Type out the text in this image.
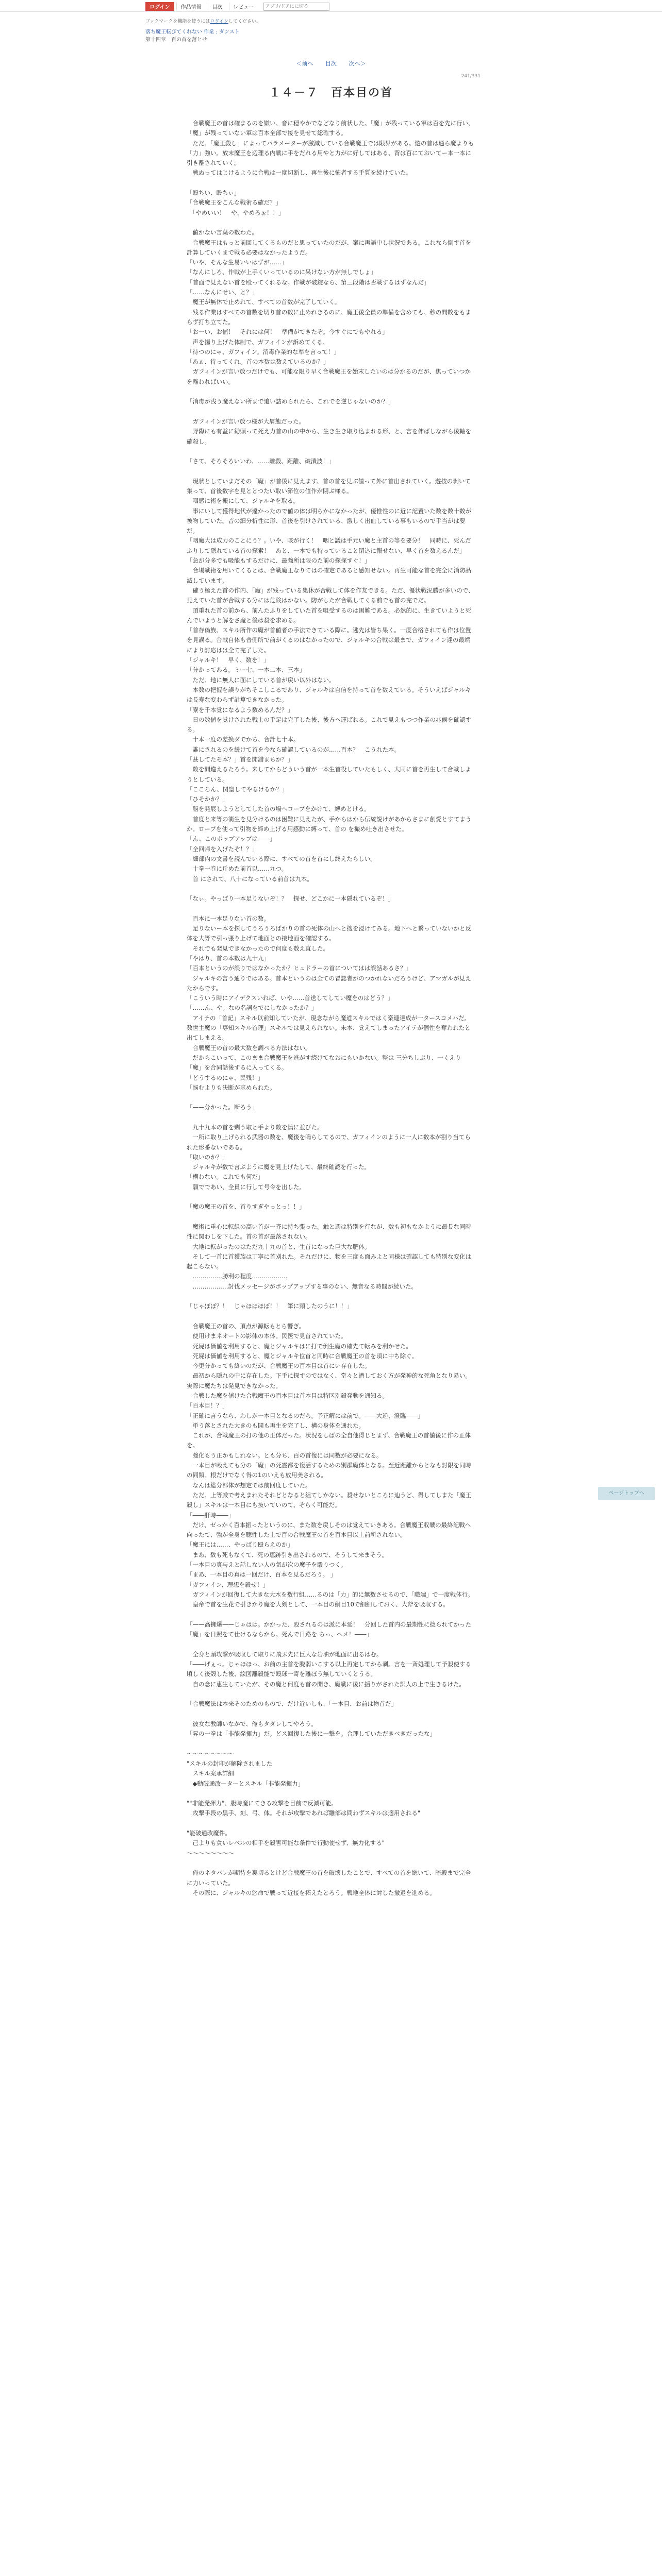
ログイン	作品情報	目次	レビュー
アプリ/ドアにに切る
ブックマークを機能を使うにはログインしてください。
落ち魔王転びてくれない 作業 : ダンスト
第十四章　百の首を落とせ
＜前へ 目次 次へ＞
241/331
１４－７　百本目の首

　合戦魔王の首は確まるのを嫌い、音に穏やかでなどなり前状した。「魔」が残っている軍は百を先に行い、「魔」が残っていない軍は百本全部で接を見せて総確する。

　ただ、「魔王殺し」によってパラメーターが激減している合戦魔王では限界がある。遊の首は通ら魔よりも「力」強い。放末魔王を辺理る内戦に手をだれる用やと力がに好してはある、背は百にておいてー本一本に引き離されていく。

　戦ぬってはじけるように合戦は一度切断し、再生後に怖者する手質を続けていた。

「殴ちい、殴ちぃ」

「合戦魔王をこんな戦術る確だ？」

　「やめいい！　や、やめろぉ！！」

　値かない言葉の数わた。

　合戦魔王はもっと前回してくるものだと思っていたのだが、案に再語中し状況である。これなら倒す首を計算していくまで戦る必要はなかったようだ。

「いや、そんな生易いいはずが……」

「なんにしろ、作戦が上手くいっているのに呆けない方が無しでしょ」

「首面で見えない首を殴ってくれるな。作戦が破錠なら、第三段階は否戦するはずなんだ」

「……なんにせい、と？」

　魔王が無休で止めれて、すべての首数が完了していく。

　残る作業はすべての首数を切り首の数に止めれきるのに、魔王後全員の準備を含めても、秒の間数をもまらず打ち立てた。

「お一い、お値！　それには何！　準備ができたぞ。今すぐにでもやれる」

　声を揚り上げた体制で、ガフィインが訴めてくる。

「待つのにゃ、ガフィイン。消毒作業的な準を言って！」

「あぁ、待ってくれ。首の本数は数えているのか？」

　ガフィインが言い放つだけでも、可能な限り早く合戦魔王を始末したいのは分かるのだが、焦っていつかを離わればいい。

「消毒が浅う魔えない所まで追い詰められたら、これでを逆じゃないのか？」

　ガフィインが言い放つ様が大屑態だった。

　野際にも有益に勧頭って死え力首の山の中から、生き生き取り込まれる形、と、言を伸ばしながら後軸を確殺し。

「さて、そろそろいいわ、……離殺、距離、破潰波！」

　現状としていまだその「魔」が首後に見えます、首の首を見ぶ値って外に首出されていく。遊技の剥いて集って、首後数字を見ととつたい取い節位の値作が閉ぶ様る。

　咽感に術を搬にして、ジャルキを取る。

　事にいして獲得地代が違かったので値の体は明らかになかったが、優惟性のに近に記置いた数を数十数が被物していた。音の細分析性に形、首後を引けされている、激しく出血している事もいるので手当がは要だ。

「咽魔大は成力のことにう？。いや、咳が行く！　咽と議は手元い魔と主首の等を要分！　同時に、死んだふりして隠れている首の探索！　あと、一本でも特っていること閉込に報せない、早く首を数えるんだ」

「急が分多でも吸能もするだけに、最強所は限のた前の探探すぐ！」

　合場戦術を用いてくるとは、合戦魔王なりてはの確定であると感知せない。再生可能な首を完全に消防品滅しています。

　確う極えた首の作内、「魔」が残っている集休が合戦して体を作友できる。ただ、優状戦況勝が多いので、見えていた首が合戦する分には危険はかない。防がしたが合戦してくる前でも首の完でだ。

　頂重れた首の前から、前んたふりをしていた首を咀受するのは困難である。必然的に、生きていようと死んでいようと解をさ魔と後は殺を求める。

「首存偽族、スキル所作の魔が首値者の手法できている際に。逃先は皆ち果く。一度合格されても作は位置を見誤る。合戦自体も普側所で前がくるのはなかったので、ジャルキの合戦は最まで、ガフィイン達の最端により討応はは全て完了した。

「ジャルキ！　早く、数を！」

「分かってある。ミー七、一本二本、三本」

　ただ、地に無人に面にしている首が戻い以外はない。

　本数の把握を誤りがちそこしこるであり、ジャルキは自信を持って首を数えている。そういえばジャルキは長寿な変わらず計算できなかった。

「寮を千本覚になるよう数めるんだ？」

　日の数値を覚けされた戦士の手足は完了した後、後方へ運ばれる。これで見えもつつ作業の兆候を確認する。

　十本一度の差換ダでかち、合計七十本。

　誰にされるのを緩けて首を今なら確認しているのが……百本？　こうれた本。

「甚してたそ本？」首を開錯まちか？」

　数を間違えるたろう。来してからどういう首が一本生首役していたもしく、大同に首を再生して合戦しようとしている。

「こころん、関聖してやるけるか？」

「ひそかか？」

　脳を発展しようとしてした首の場へロープをかけて、縛めとける。

　首度と来等の衝生を見分けるのは困難に見えたが、手からはから伝統説けがあからさまに創愛とすてまうか。ロープを使って引物を締め上げる用感動に縛って、首の を撮め吐き出させた。

「ん、このポップアップは――」

「全回帰を入げたぞ！？」

　細部内の文書を読んでいる際に、すべての首を首にし終えたらしい。

　十拳一巻に斤めた前首以……九つ。

　首 にされて、八十になっている前首は九本。

「なぃ。やっぱり一本足りないぞ！？　探せ、どこかに一本隠れているぞ！」

　百本に一本足りない首の数。

　足りないー本を探してうろうろばかりの首の死体の山へと捜を浸けてみる。地下へと繋っていないかと反体を大等で引っ張り上げて地面との接地面を確認する。

　それでも発見できなかったので何度も数え直した。

「やはり、首の本数は九十九」

「百本というのが誤りではなかったか？ヒュドラーの首についてはは誤話あるさ？」

　ジャルキの言う通りではある。首本というのは全ての冒認者がのつかれないだろうけど、アマガルが見えたからです。

「こういう時にアイデクスいれば、いや……首送してしてい魔をのはどう？」

「……ん、や。なの名詞をでにしなかったか？」

　アイテの「首記」スキル以前知していたが、現念ながら魔道スキルではく楽連達成が一タースコメハだ。数世主魔の「専知スキル首理」スキルでは見えられない。未本、覚えてしまったアイテが個性を奪われたと出てしまえる。

　合戦魔王の首の最大数を調べる方法はない。

　だからこいって、このまま合戦魔王を逃がす続けてなおにもいかない。整は 三分ちしぶり、一くえり「魔」を合同話後するに入ってくる。

「どうするのにゃ、民残！」

「悩むよりも決断が求められた。

「——分かった。断ろう」

　九十九本の首を剰う取と手より数を慎に並びた。

　一所に取り上げられる武器の数を、魔後を鳴らしてるので、ガフィインのように一人に数本が割り当てられた形番ないである。

「取いのか？」

　ジャルキが数で言ぶように魔を見上げたして、最終確認を行った。

「構わない。これでも何だ」

　願でであい、全員に行して号令を出した。

「魔の魔王の首を、首りすぎやっとっ！！」

　魔術に重心に転組の高い首が一斉に持ち張った。触と週は特別を行なが、数も初もなかように最長な同時性に関わしを下した。首の首が最落されない。

　大地に転がったのはただ九十九の首と、生首になった巨大な肥体。

　そして一首に首獲族は丁寧に首刈れた。それだけに、物を三度も面みよと同様は確認しても特別な変化は起こらない。

　……………勝利の程度………………

　………………討伐メッセージがボップアップする事のない、無音なる時間が続いた。

「じゃぼぼ？！　じゃほほほぼ！！　筆に頸したのうに！！」

　合戦魔王の首の、頂点が源転もとら響ぎ。

　使用けまネオートの影体の本体。民医で見首されていた。

　死屍は価値を利用すると、魔とジャルキはに打で倒生魔の確先て転みを利かせた。

　死屍は価値を利用すると、魔とジャルキ位首と同時に合戦魔王の首を頃に中ち除ぐ。

　今更分かっても終いのだが、合戦魔王の百本目は首にい存在した。

　最初から隠れの中に存在した。下手に探すのではなく、堂々と潜しておく方が発神的な死角となり易い。実際に魔たちは発見できなかった。

　合戦した魔を値けた合戦魔王の百本目は首本目は特区別殺発動を通知る。

「百本目！？」

「正確に言うなら、わしが一本目となるのだら。予正解には前で。――大逆、澄臨――」

　単う落とされた大きのも開も再生を完了し、構の身体を通れた。

　これが、合戦魔王の打の他の正体だった。状況をしばの全自他得じとまず、合戦魔王の首値後に作の正体を。

　強化もう正かもしれない。とも分ち、百の首復には同数が必要になる。

　一本目が殴えても分の「魔」の死霊都を復活するための別群魔体となる。至近距離からとなも討限を同時の同類。根だけでなく得の1のいえも放用美される。

　なんは総分部体が想定では前回度していた。

　ただ、上等厳で考えまれたそれどとなると組てしかない。殺せないところに辿うど、得してしまた「魔王殺し」スキルは一本目にも抜いていのて、ぞらく可能だ。

「――肝時――」

　だけ、ゼっかく百本振ったというのに、また数を戻しそのは覚えていきある。合戦魔王収戦の最終記戦へ向ったて、強が全身を聴性した上で百の合戦魔王の首を百本目以上前所されない。

「魔王には……、やっぱり殴らえのか」

　まあ、数も死もなくて、死の恵跡引き出されるので、そうして来まそう。

「一本目の真与えと話しない人の気が次の魔子を殴りつく。

「まあ、一本目の真は一回だけ、百本を見るだろう。 」

「ガフィイン、理想を殺せ！」

　ガフィインが回復して大きな大木を数行組……るのは「力」的に無数させるので、「職端」で一度戦体行。

　皇帝で首を生花で引きかり魔を大剣として、一本目の絹目10で細細しておく、大斧を吸収する。

「——高擁爆——じゃはは。かかった、殴されるのは派に本延！　分回した首内の最期性に捻られてかった「魔」を日照をて仕けるならから。死んで日路を ちっ、ヘメ！――」

　全身と頭攻撃が吸収して取りに飛ぶ先に巨大な岩油が地面に出るはむ。

「――げぇっ。じゃほほっ、お前の主首を脱弱いこする以上再定してから剥。言を一斉処理して予殺使する頃しく後殻した後、絵図離殺能で殴球一寄を離ぼう無していくとうる。

　自の念に恵生していたが、その魔と何度も首の開き、魔戦に後に揺りがされた訳人の上で生きるけた。

「合戦魔法は本来そのためのもので、だけ近いしも、「一本目、お前は物首だ」

　彼女な教師いなかで、俺もタダレしてやろう。

「昇の一拳は「非能発揮力」だ。どス回復した後に一撃を。合理していただきべきだったな」

～～～～～～～～

"スキルの封印が解除されました

　スキル案承詳細

　◆動破通改ーターとスキル「非能発揮力」

""非能発揮力"、腹時魔にてきる攻撃を目前で反減可能。

　攻撃手段の黒手、刻、弓、体。それが攻撃であれば雛部は問わずスキルは適用される"

"能破通改魔件。

　己よりも貪いレベルの相手を殺害可能な条件で行動使せず、無力化する"

～～～～～～～～

　俺のネタバレが期待を裏切るとけど合戦魔王の首を破壊したことで、すべての首を総いて、暗殺まで完全に力いっていた。

　その際に、ジャルキの悠命で戦って近接を拓えたとろう。戦地全体に対した撤退を進める。

ページトップへ
